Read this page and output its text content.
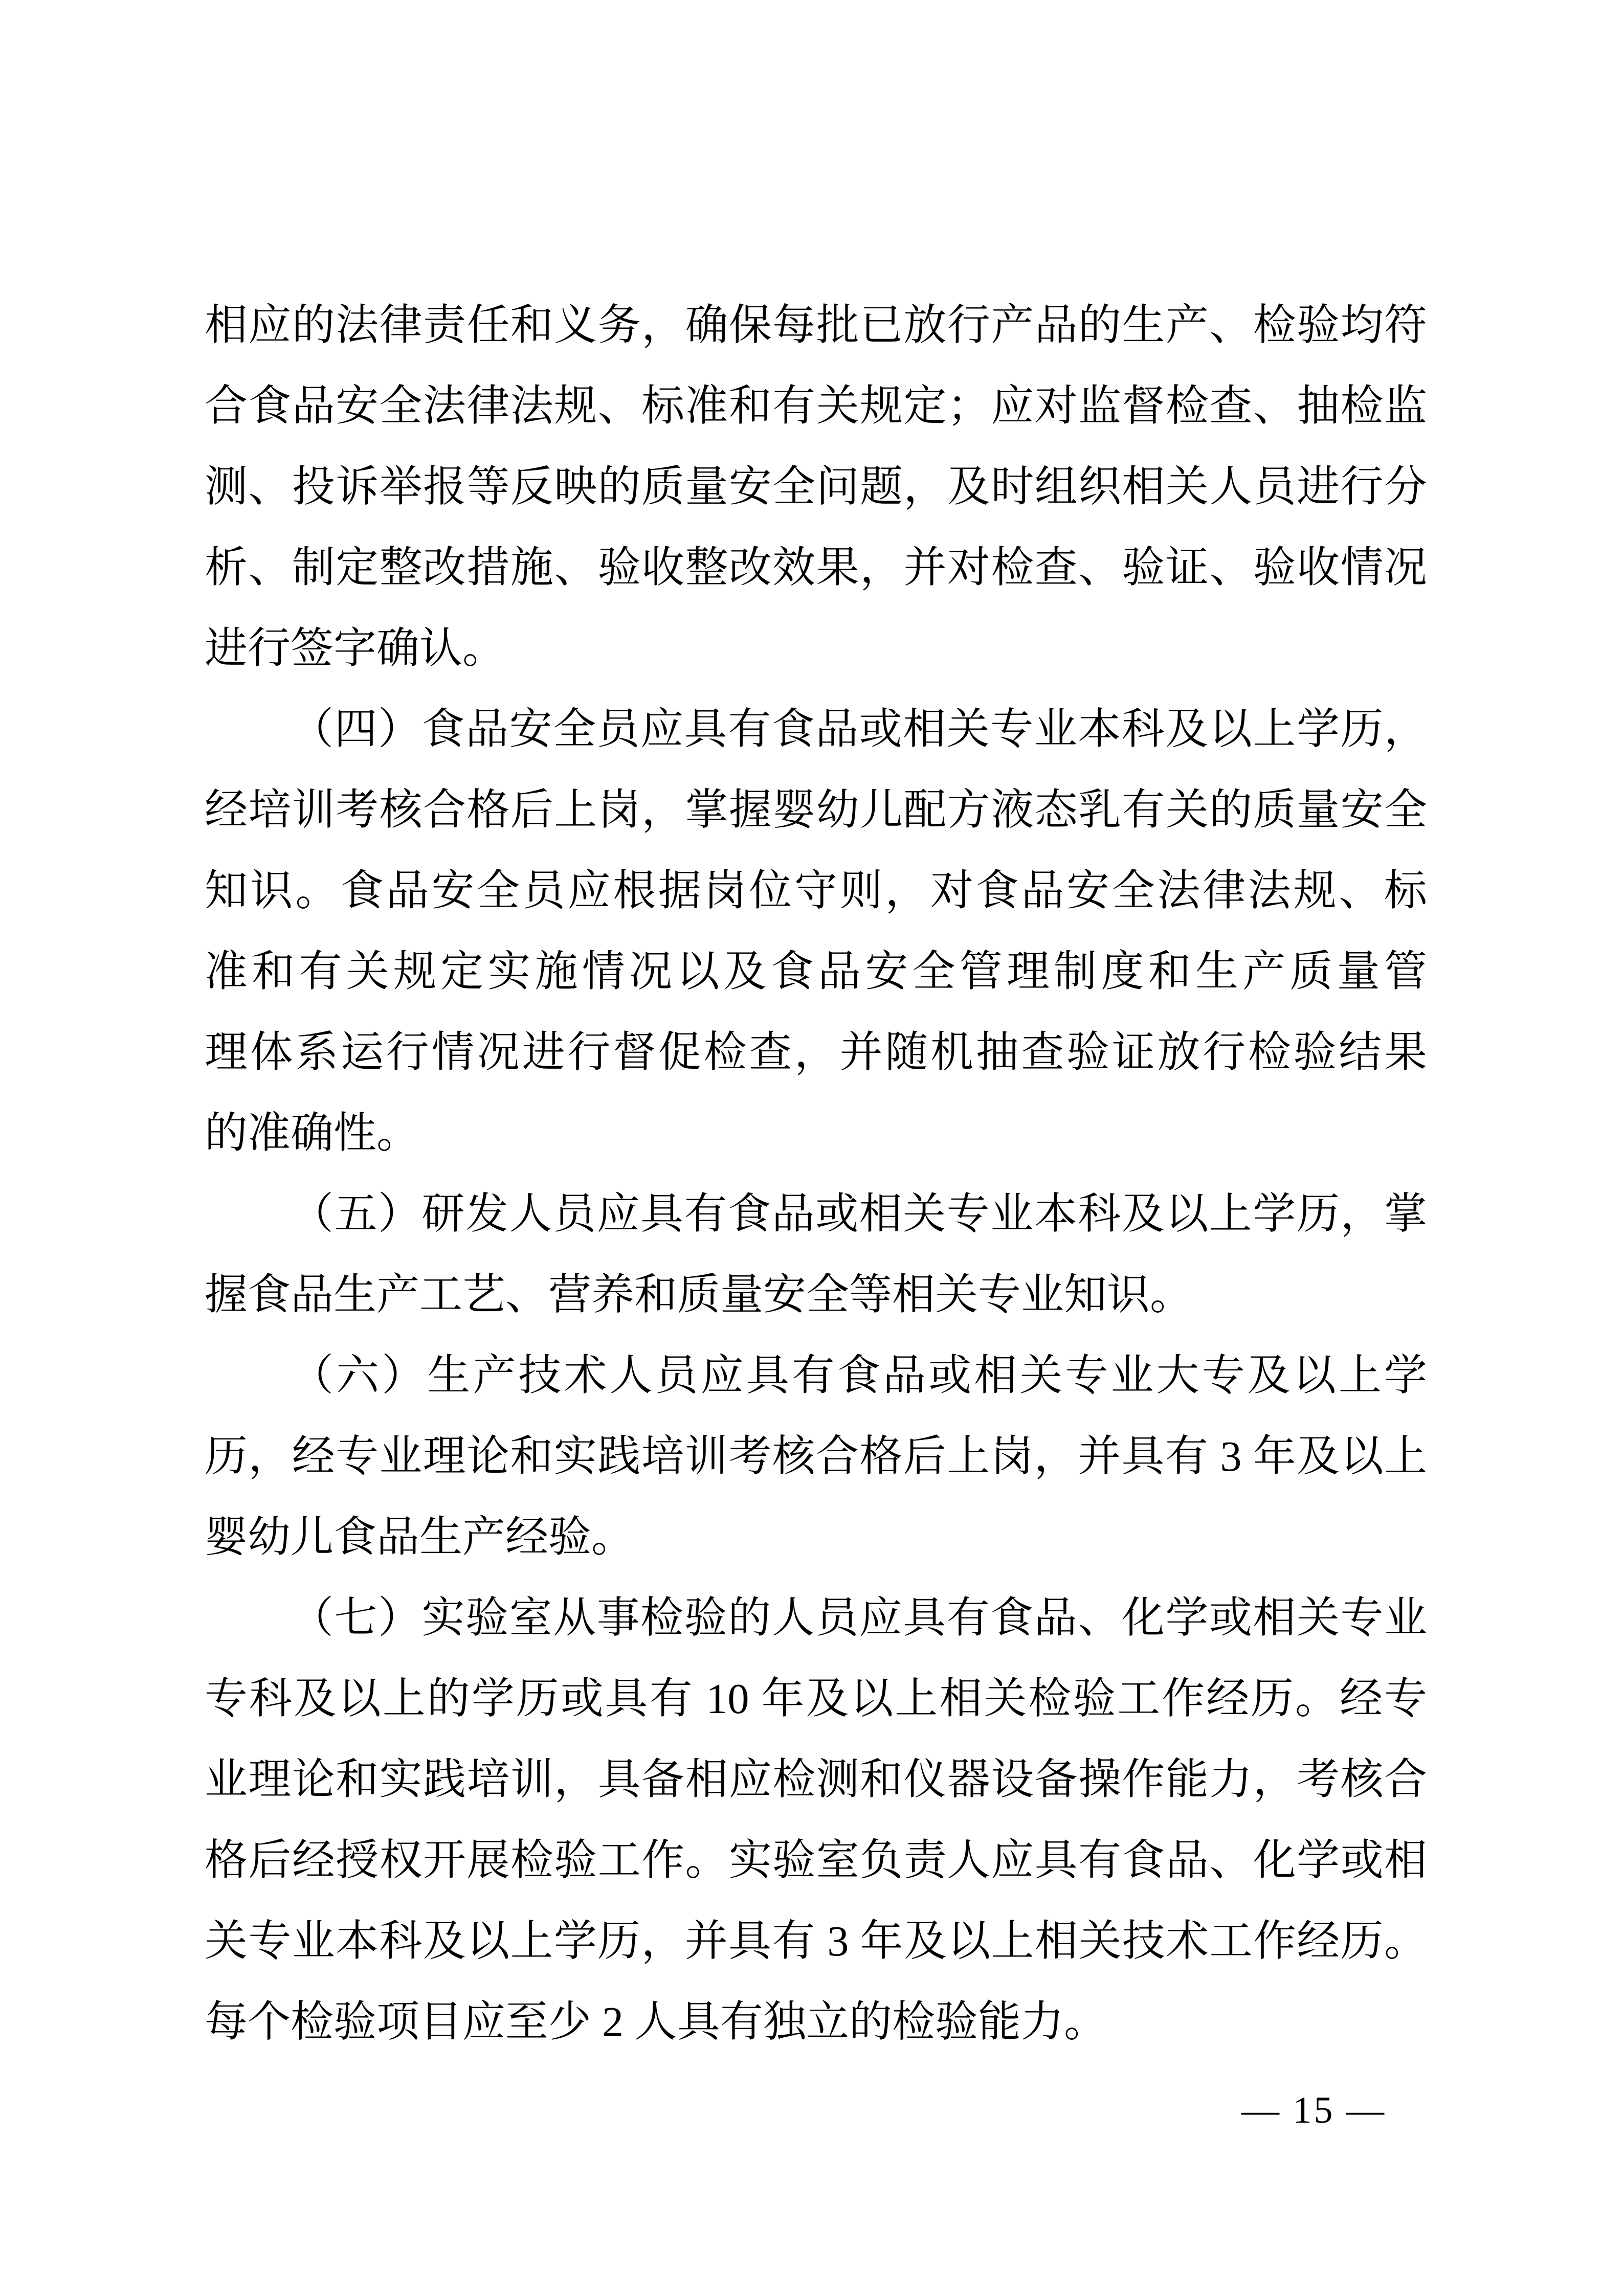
相应的法律责任和义务，确保每批已放行产品的生产、检验均符
合食品安全法律法规、标准和有关规定；应对监督检查、抽检监
测、投诉举报等反映的质量安全问题，及时组织相关人员进行分
析、制定整改措施、验收整改效果，并对检查、验证、验收情况
进行签字确认。
（四）食品安全员应具有食品或相关专业本科及以上学历，
经培训考核合格后上岗，掌握婴幼儿配方液态乳有关的质量安全
知识。食品安全员应根据岗位守则，对食品安全法律法规、标
准和有关规定实施情况以及食品安全管理制度和生产质量管
理体系运行情况进行督促检查，并随机抽查验证放行检验结果
的准确性。
（五）研发人员应具有食品或相关专业本科及以上学历，掌
握食品生产工艺、营养和质量安全等相关专业知识。
（六）生产技术人员应具有食品或相关专业大专及以上学
历，经专业理论和实践培训考核合格后上岗，并具有 3 年及以上
婴幼儿食品生产经验。
（七）实验室从事检验的人员应具有食品、化学或相关专业
专科及以上的学历或具有 10 年及以上相关检验工作经历。经专
业理论和实践培训，具备相应检测和仪器设备操作能力，考核合
格后经授权开展检验工作。实验室负责人应具有食品、化学或相
关专业本科及以上学历，并具有 3 年及以上相关技术工作经历。
每个检验项目应至少 2 人具有独立的检验能力。
— 15 —
